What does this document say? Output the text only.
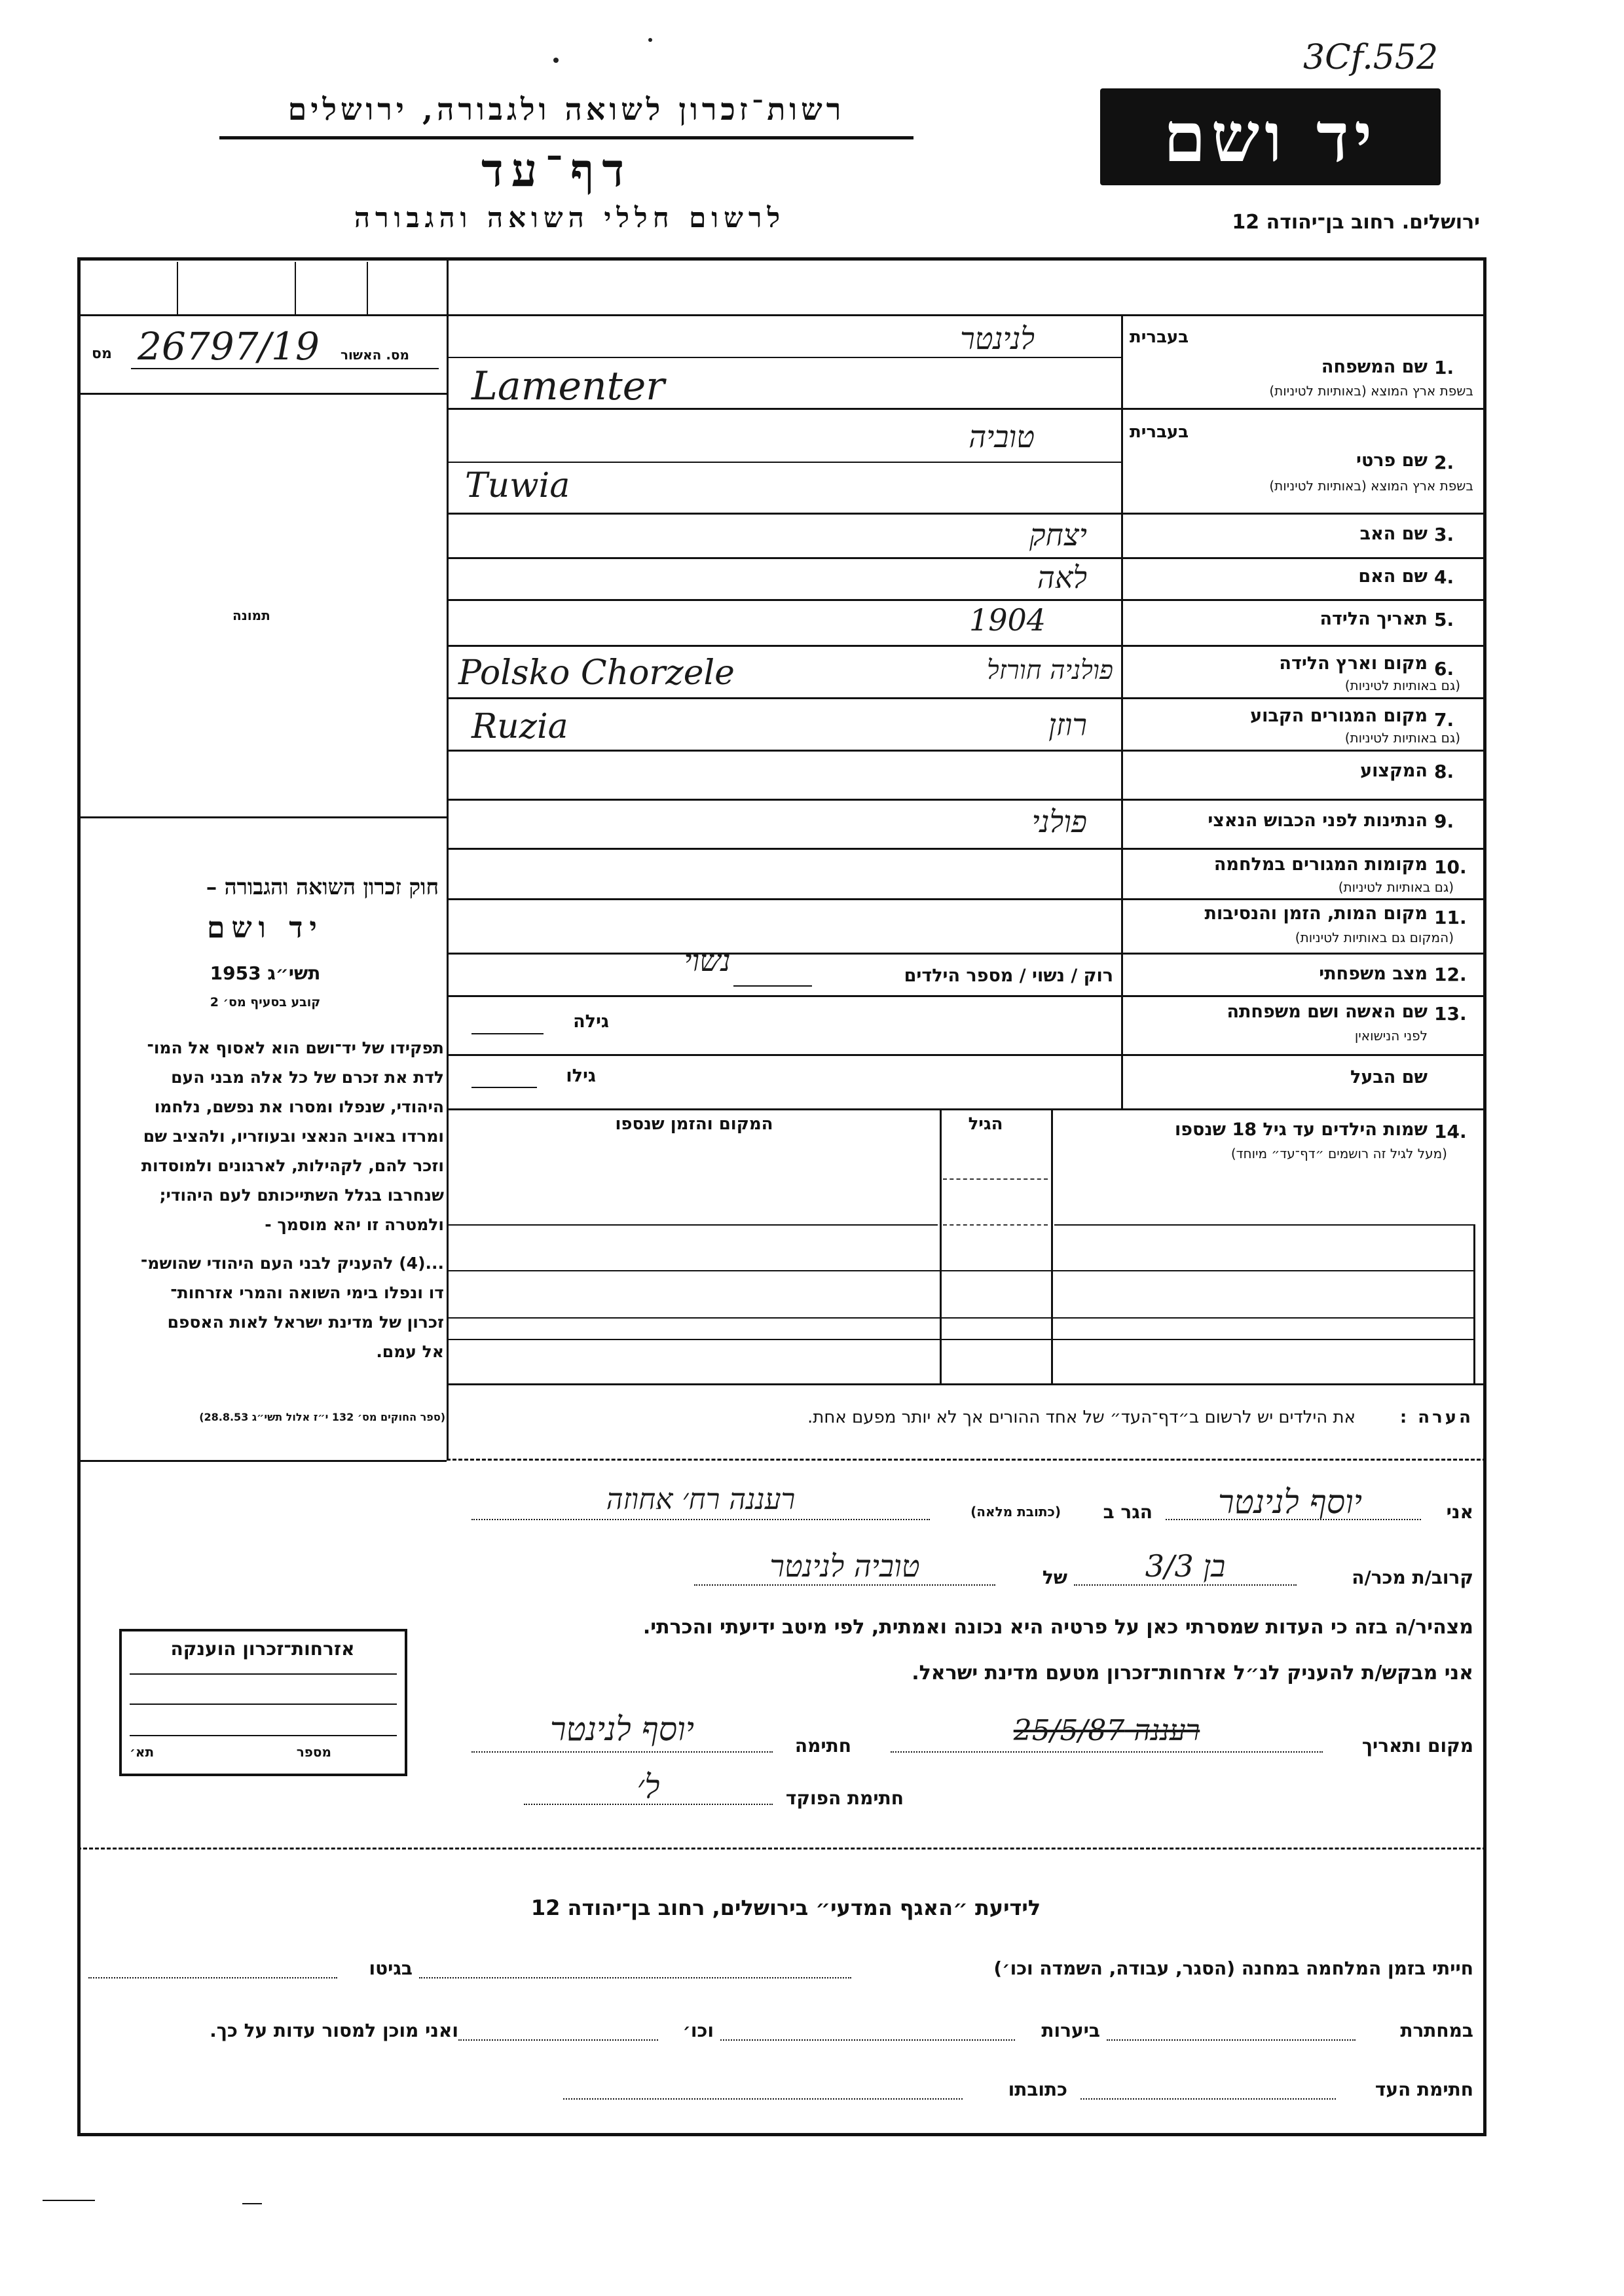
3Cf.552
רשות־זכרון לשואה ולגבורה, ירושלים
דף־עד
לרשום חללי השואה והגבורה
יד ושם
ירושלים. רחוב בן־יהודה 12
מס 26797/19 מס. האשור
תמונה
חוק זכרון השואה והגבורה –
יד ושם
תשי״ג 1953
קובע בסעיף מס׳ 2
תפקידו של יד־ושם הוא לאסוף אל המו־
לדת את זכרם של כל אלה מבני העם
היהודי, שנפלו ומסרו את נפשם, נלחמו
ומרדו באויב הנאצי ובעוזריו, ולהציב שם
וזכר להם, לקהילות, לארגונים ולמוסדות
שנחרבו בגלל השתייכותם לעם היהודי;
ולמטרה זו יהא מוסמך -
...(4) להעניק לבני העם היהודי שהושמ־
דו ונפלו בימי השואה והמרי אזרחות־
זכרון של מדינת ישראל לאות האספם
אל עמם.
(ספר החוקים מס׳ 132 י״ז אלול תשי״ג 28.8.53)
בעברית
1.
שם המשפחה
בשפת ארץ המוצא (באותיות לטיניות)
לנינטר
Lamenter
בעברית
2.
שם פרטי
בשפת ארץ המוצא (באותיות לטיניות)
טוביה
Tuwia
3.
שם האב
יצחק
4.
שם האם
לאה
5.
תאריך הלידה
1904
6.
מקום וארץ הלידה
(גם באותיות לטיניות)
פולניה חורזל
Polsko Chorzele
7.
מקום המגורים הקבוע
(גם באותיות לטיניות)
רוזן
Ruzia
8.
המקצוע
9.
הנתינות לפני הכבוש הנאצי
פולני
10.
מקומות המגורים במלחמה
(גם באותיות לטיניות)
11.
מקום המות, הזמן והנסיבות
(המקום גם באותיות לטיניות)
12.
מצב משפחתי
רוק / נשוי / מספר הילדים
נשוי
13.
שם האשה ושם משפחתה
לפני הנישואין
גילה
שם הבעל
גילו
14.
שמות הילדים עד גיל 18 שנספו
(מעל לגיל זה רושמים ״דף־עד״ מיוחד)
הגיל
המקום והזמן שנספו
הערה :
את הילדים יש לרשום ב״דף־העד״ של אחד ההורים אך לא יותר מפעם אחת.
אני
יוסף לנינטר
הגר ב
(כתובת מלאה)
רעננה רח׳ אחוזה
קרוב/ת מכר/ה
בן 3/3
של
טוביה לנינטר
מצהיר/ה בזה כי העדות שמסרתי כאן על פרטיה היא נכונה ואמתית, לפי מיטב ידיעתי והכרתי.
אני מבקש/ת להעניק לנ״ל אזרחות־זכרון מטעם מדינת ישראל.
מקום ותאריך
רעננה 25/5/87
חתימה
יוסף לנינטר
חתימת הפוקד
ל׳
אזרחות־זכרון הוענקה
מספר
תא׳
לידיעת ״האגף המדעי״ בירושלים, רחוב בן־יהודה 12
חייתי בזמן המלחמה במחנה (הסגר, עבודה, השמדה וכו׳)
בגיטו
במחתרת
ביערות
וכו׳
ואני מוכן למסור עדות על כך.
חתימת העד
כתובתו
